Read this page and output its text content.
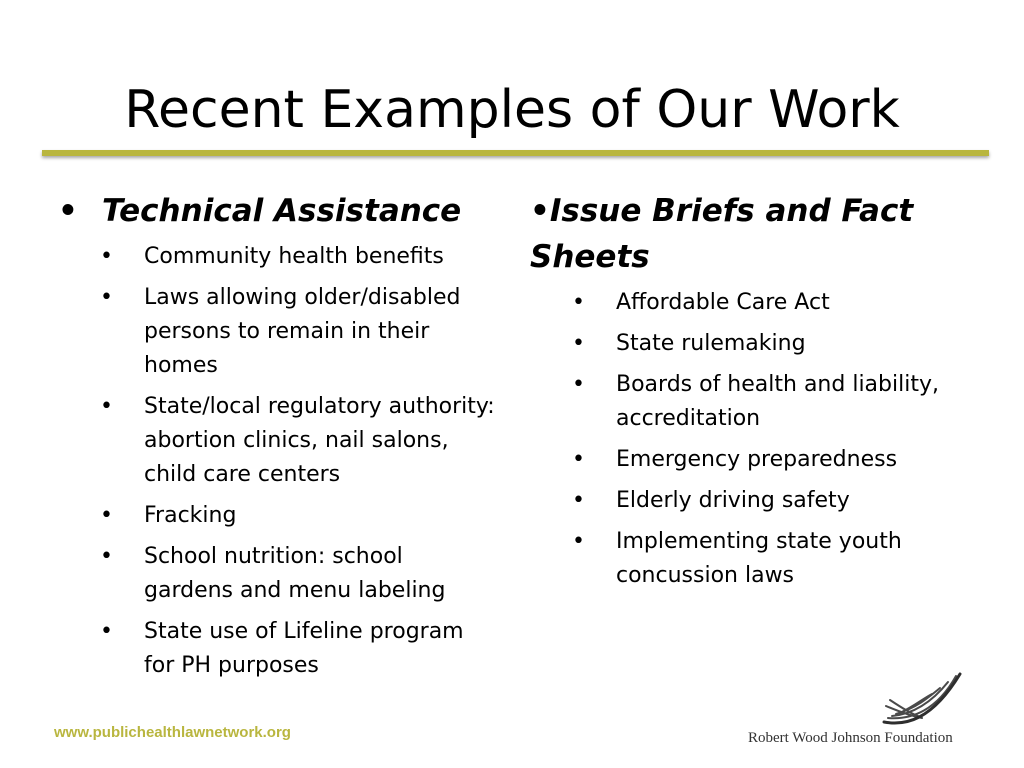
Recent Examples of Our Work
• Technical Assistance
• Community health benefits
• Laws allowing older/disabled persons to remain in their homes
• State/local regulatory authority: abortion clinics, nail salons, child care centers
• Fracking
• School nutrition: school gardens and menu labeling
• State use of Lifeline program for PH purposes
•Issue Briefs and Fact Sheets
• Affordable Care Act
• State rulemaking
• Boards of health and liability, accreditation
• Emergency preparedness
• Elderly driving safety
• Implementing state youth concussion laws
www.publichealthlawnetwork.org	Robert Wood Johnson Foundation
